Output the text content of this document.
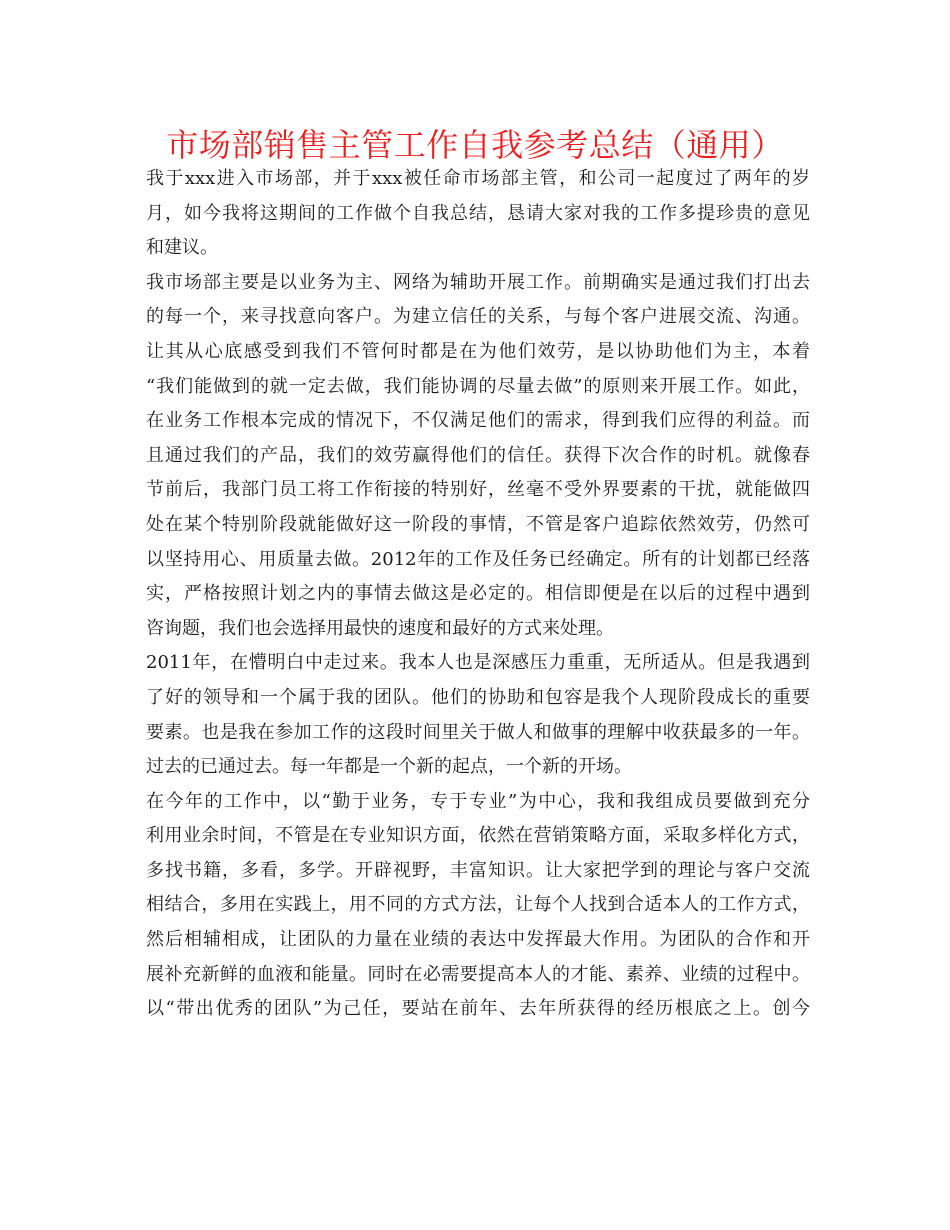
市场部销售主管工作自我参考总结（通用）
我于xxx进入市场部，并于xxx被任命市场部主管，和公司一起度过了两年的岁
月，如今我将这期间的工作做个自我总结，恳请大家对我的工作多提珍贵的意见
和建议。
我市场部主要是以业务为主、网络为辅助开展工作。前期确实是通过我们打出去
的每一个，来寻找意向客户。为建立信任的关系，与每个客户进展交流、沟通。
让其从心底感受到我们不管何时都是在为他们效劳，是以协助他们为主，本着
“我们能做到的就一定去做，我们能协调的尽量去做”的原则来开展工作。如此，
在业务工作根本完成的情况下，不仅满足他们的需求，得到我们应得的利益。而
且通过我们的产品，我们的效劳赢得他们的信任。获得下次合作的时机。就像春
节前后，我部门员工将工作衔接的特别好，丝毫不受外界要素的干扰，就能做四
处在某个特别阶段就能做好这一阶段的事情，不管是客户追踪依然效劳，仍然可
以坚持用心、用质量去做。2012年的工作及任务已经确定。所有的计划都已经落
实，严格按照计划之内的事情去做这是必定的。相信即便是在以后的过程中遇到
咨询题，我们也会选择用最快的速度和最好的方式来处理。
2011年，在懵明白中走过来。我本人也是深感压力重重，无所适从。但是我遇到
了好的领导和一个属于我的团队。他们的协助和包容是我个人现阶段成长的重要
要素。也是我在参加工作的这段时间里关于做人和做事的理解中收获最多的一年。
过去的已通过去。每一年都是一个新的起点，一个新的开场。
在今年的工作中，以“勤于业务，专于专业”为中心，我和我组成员要做到充分
利用业余时间，不管是在专业知识方面，依然在营销策略方面，采取多样化方式，
多找书籍，多看，多学。开辟视野，丰富知识。让大家把学到的理论与客户交流
相结合，多用在实践上，用不同的方式方法，让每个人找到合适本人的工作方式，
然后相辅相成，让团队的力量在业绩的表达中发挥最大作用。为团队的合作和开
展补充新鲜的血液和能量。同时在必需要提高本人的才能、素养、业绩的过程中。
以“带出优秀的团队”为己任，要站在前年、去年所获得的经历根底之上。创今
